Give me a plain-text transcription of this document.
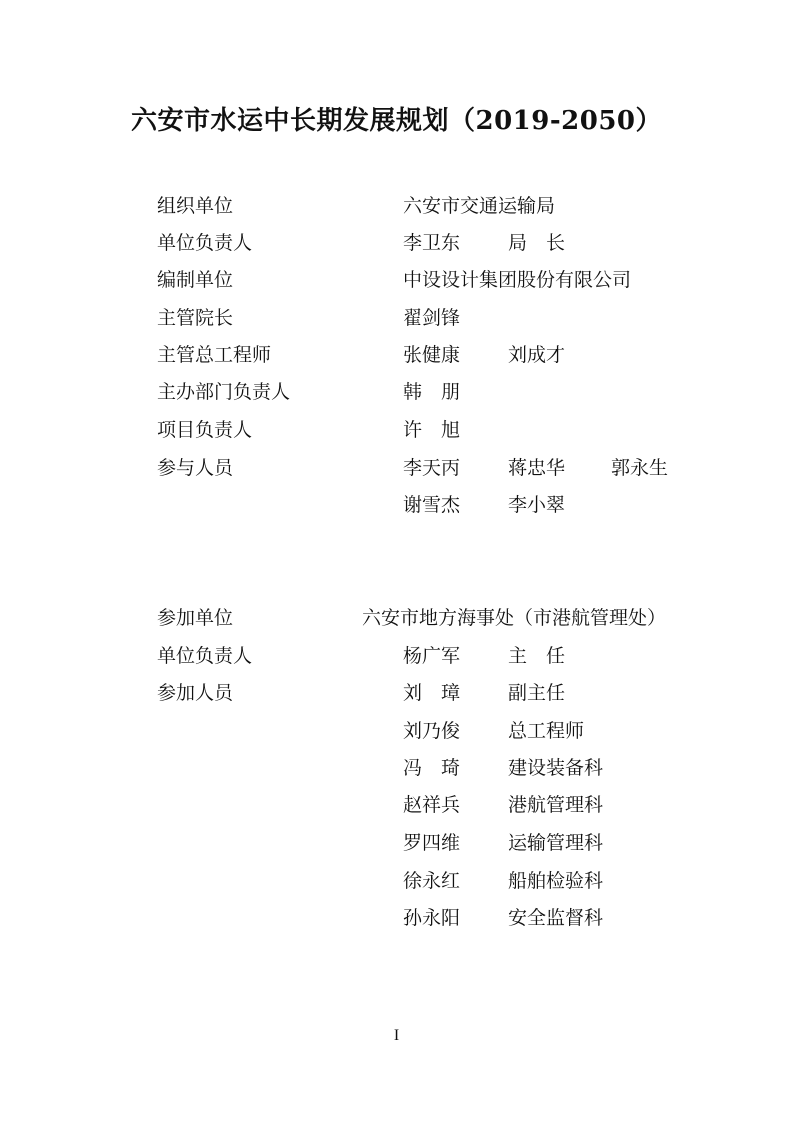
六安市水运中长期发展规划（2019-2050）
组织单位	六安市交通运输局
单位负责人	李卫东	局　长
编制单位	中设设计集团股份有限公司
主管院长	翟剑锋
主管总工程师	张健康	刘成才
主办部门负责人	韩　朋
项目负责人	许　旭
参与人员	李天丙	蒋忠华 郭永生
谢雪杰	李小翠
参加单位	六安市地方海事处（市港航管理处）
单位负责人	杨广军	主　任
参加人员	刘　璋	副主任
刘乃俊	总工程师
冯　琦	建设装备科
赵祥兵	港航管理科
罗四维	运输管理科
徐永红	船舶检验科
孙永阳	安全监督科
I
